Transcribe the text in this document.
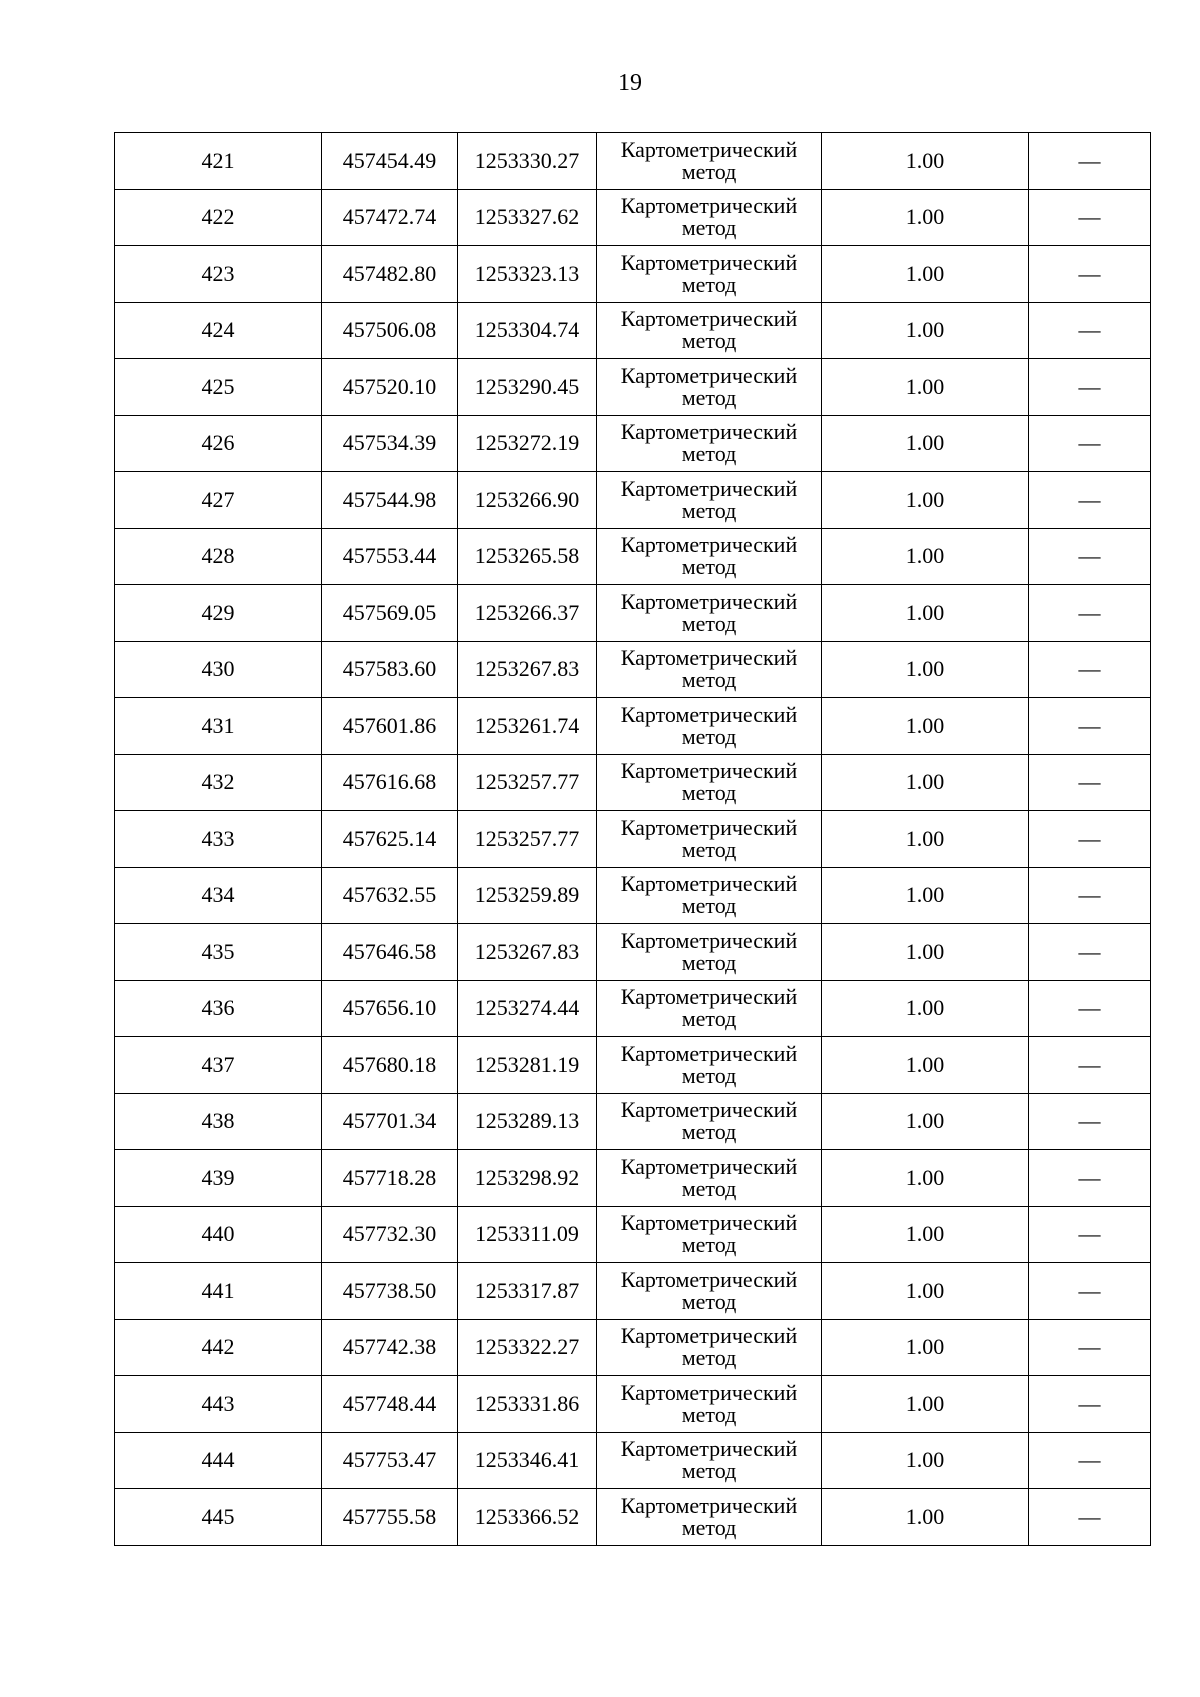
19
421	457454.49	1253330.27	Картометрический
метод	1.00	—
422	457472.74	1253327.62	Картометрический
метод	1.00	—
423	457482.80	1253323.13	Картометрический
метод	1.00	—
424	457506.08	1253304.74	Картометрический
метод	1.00	—
425	457520.10	1253290.45	Картометрический
метод	1.00	—
426	457534.39	1253272.19	Картометрический
метод	1.00	—
427	457544.98	1253266.90	Картометрический
метод	1.00	—
428	457553.44	1253265.58	Картометрический
метод	1.00	—
429	457569.05	1253266.37	Картометрический
метод	1.00	—
430	457583.60	1253267.83	Картометрический
метод	1.00	—
431	457601.86	1253261.74	Картометрический
метод	1.00	—
432	457616.68	1253257.77	Картометрический
метод	1.00	—
433	457625.14	1253257.77	Картометрический
метод	1.00	—
434	457632.55	1253259.89	Картометрический
метод	1.00	—
435	457646.58	1253267.83	Картометрический
метод	1.00	—
436	457656.10	1253274.44	Картометрический
метод	1.00	—
437	457680.18	1253281.19	Картометрический
метод	1.00	—
438	457701.34	1253289.13	Картометрический
метод	1.00	—
439	457718.28	1253298.92	Картометрический
метод	1.00	—
440	457732.30	1253311.09	Картометрический
метод	1.00	—
441	457738.50	1253317.87	Картометрический
метод	1.00	—
442	457742.38	1253322.27	Картометрический
метод	1.00	—
443	457748.44	1253331.86	Картометрический
метод	1.00	—
444	457753.47	1253346.41	Картометрический
метод	1.00	—
445	457755.58	1253366.52	Картометрический
метод	1.00	—
